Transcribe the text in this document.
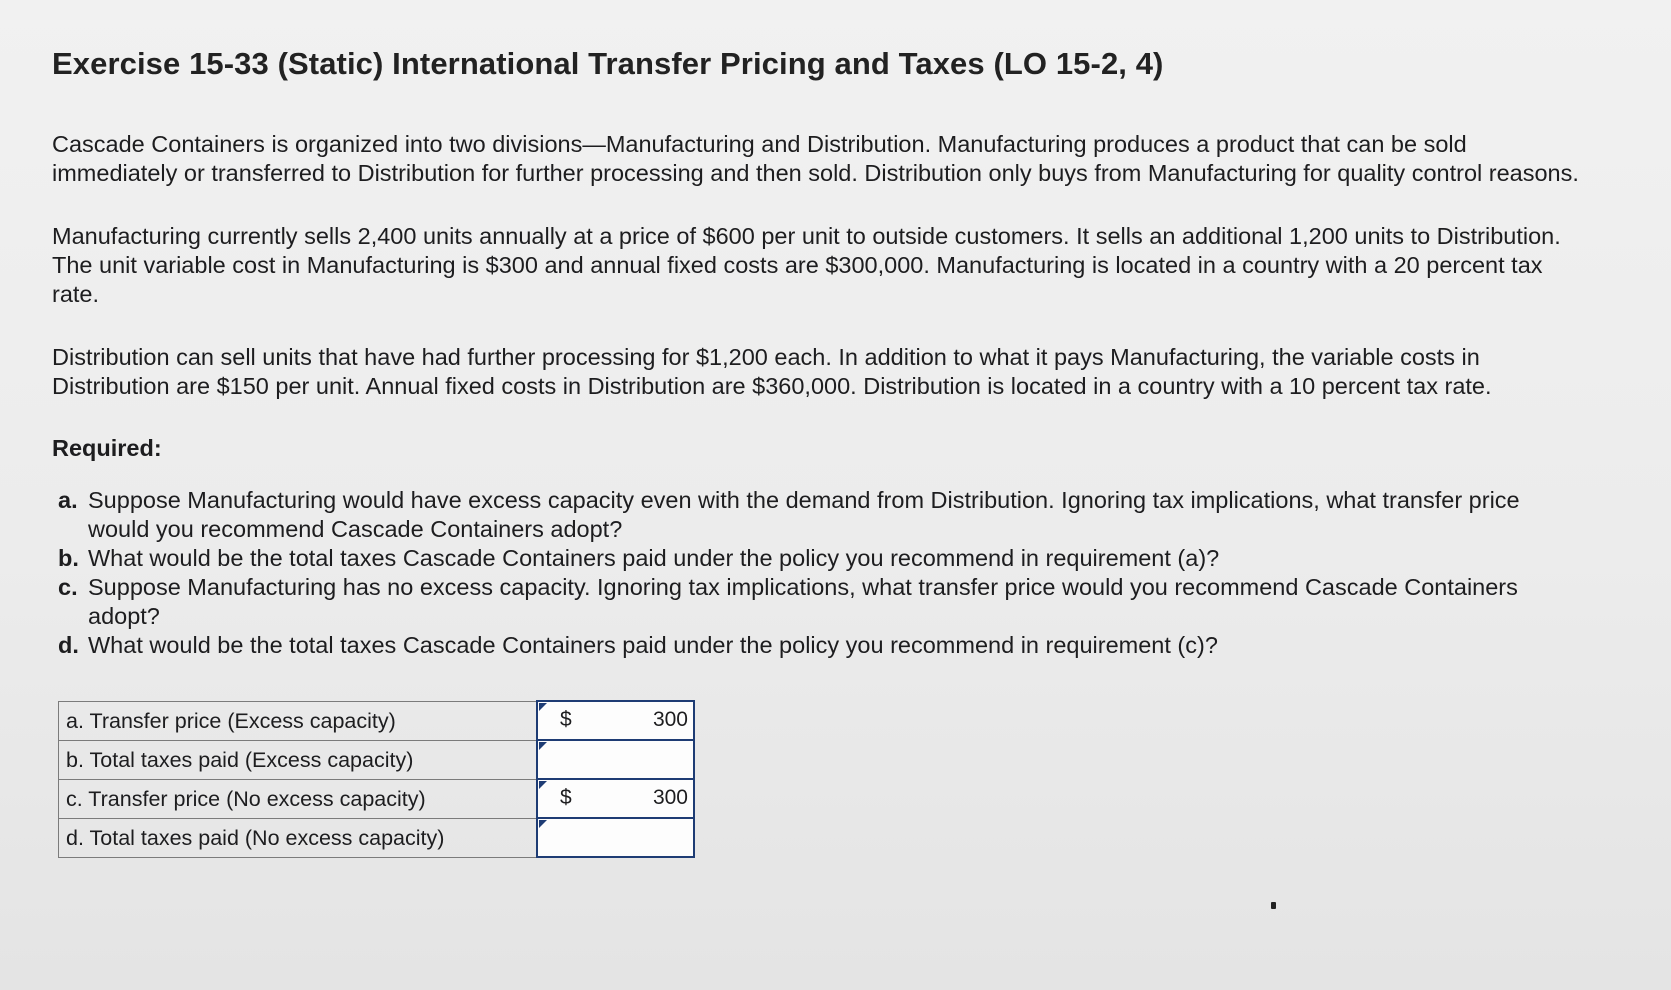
Exercise 15-33 (Static) International Transfer Pricing and Taxes (LO 15-2, 4)

Cascade Containers is organized into two divisions—Manufacturing and Distribution. Manufacturing produces a product that can be sold immediately or transferred to Distribution for further processing and then sold. Distribution only buys from Manufacturing for quality control reasons.

Manufacturing currently sells 2,400 units annually at a price of $600 per unit to outside customers. It sells an additional 1,200 units to Distribution. The unit variable cost in Manufacturing is $300 and annual fixed costs are $300,000. Manufacturing is located in a country with a 20 percent tax rate.

Distribution can sell units that have had further processing for $1,200 each. In addition to what it pays Manufacturing, the variable costs in Distribution are $150 per unit. Annual fixed costs in Distribution are $360,000. Distribution is located in a country with a 10 percent tax rate.

Required:
a. Suppose Manufacturing would have excess capacity even with the demand from Distribution. Ignoring tax implications, what transfer price would you recommend Cascade Containers adopt?
b. What would be the total taxes Cascade Containers paid under the policy you recommend in requirement (a)?
c. Suppose Manufacturing has no excess capacity. Ignoring tax implications, what transfer price would you recommend Cascade Containers adopt?
d. What would be the total taxes Cascade Containers paid under the policy you recommend in requirement (c)?
a. Transfer price (Excess capacity)	$ 300

b. Total taxes paid (Excess capacity)	

c. Transfer price (No excess capacity)	$ 300

d. Total taxes paid (No excess capacity)	
